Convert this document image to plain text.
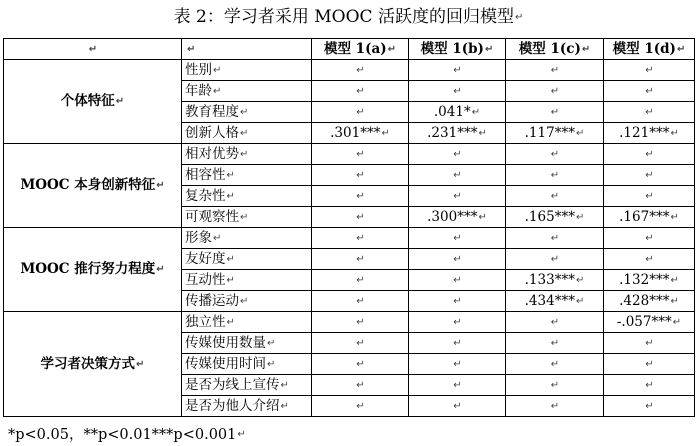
表 2：学习者采用 MOOC 活跃度的回归模型↵
↵	↵	模型 1(a)↵	模型 1(b)↵	模型 1(c)↵	模型 1(d)↵
个体特征↵	性别↵	↵	↵	↵	↵
	年龄↵	↵	↵	↵	↵
	教育程度↵	↵	.041*↵	↵	↵
	创新人格↵	.301***↵	.231***↵	.117***↵	.121***↵
MOOC 本身创新特征↵	相对优势↵	↵	↵	↵	↵
	相容性↵	↵	↵	↵	↵
	复杂性↵	↵	↵	↵	↵
	可观察性↵	↵	.300***↵	.165***↵	.167***↵
MOOC 推行努力程度↵	形象↵	↵	↵	↵	↵
	友好度↵	↵	↵	↵	↵
	互动性↵	↵	↵	.133***↵	.132***↵
	传播运动↵	↵	↵	.434***↵	.428***↵
学习者决策方式↵	独立性↵	↵	↵	↵	-.057***↵
	传媒使用数量↵	↵	↵	↵	↵
	传媒使用时间↵	↵	↵	↵	↵
	是否为线上宣传↵	↵	↵	↵	↵
	是否为他人介绍↵	↵	↵	↵	↵
*p<0.05，**p<0.01***p<0.001↵
